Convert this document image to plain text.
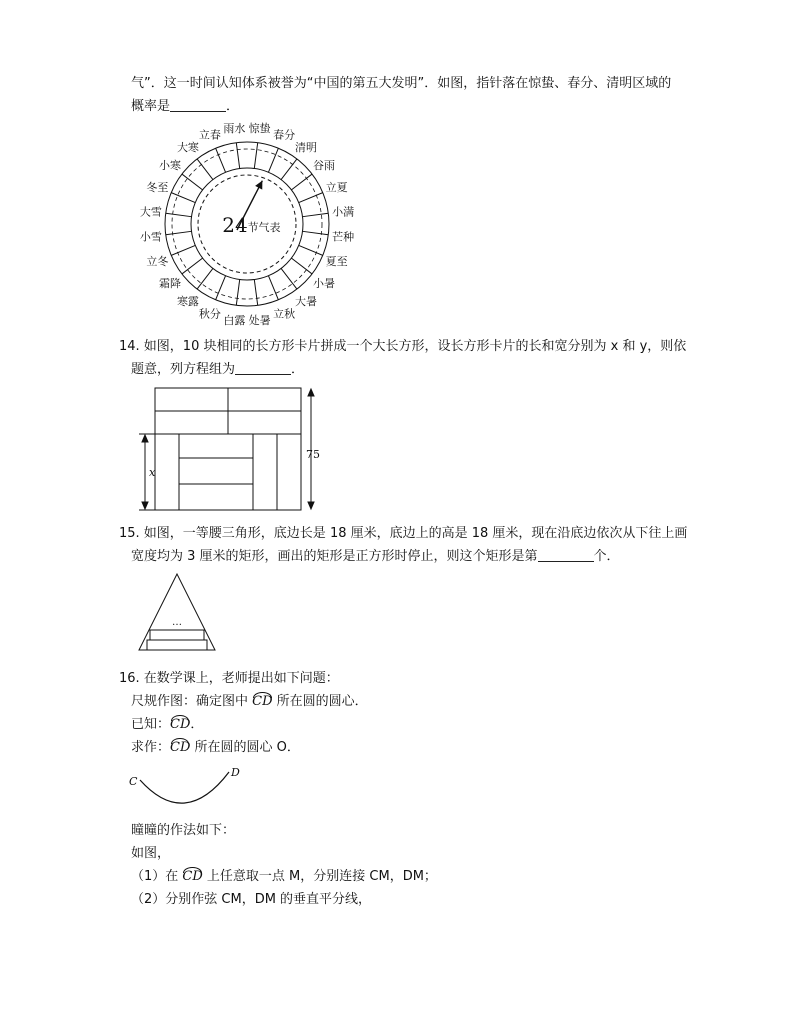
气”．这一时间认知体系被誉为“中国的第五大发明”．如图，指针落在惊蛰、春分、清明区域的
概率是	．
立春
雨水 惊蛰
春分
清明
谷雨
立夏
小满
芒种
夏至
小暑
大暑
立秋
处暑
白露
秋分
寒露
霜降
立冬
小雪
大雪
冬至
小寒
大寒
24 节气表
14. 如图，10 块相同的长方形卡片拼成一个大长方形，设长方形卡片的长和宽分别为 x 和 y，则依
题意，列方程组为	．
x
75
15. 如图，一等腰三角形，底边长是 18 厘米，底边上的高是 18 厘米，现在沿底边依次从下往上画
宽度均为 3 厘米的矩形，画出的矩形是正方形时停止，则这个矩形是第	个．
…
16. 在数学课上，老师提出如下问题：
尺规作图：确定图中 CD 所在圆的圆心．
已知：CD．
求作：CD 所在圆的圆心 O．
C
D
曈曈的作法如下：
如图，
（1）在 CD 上任意取一点 M，分别连接 CM，DM；
（2）分别作弦 CM，DM 的垂直平分线，
